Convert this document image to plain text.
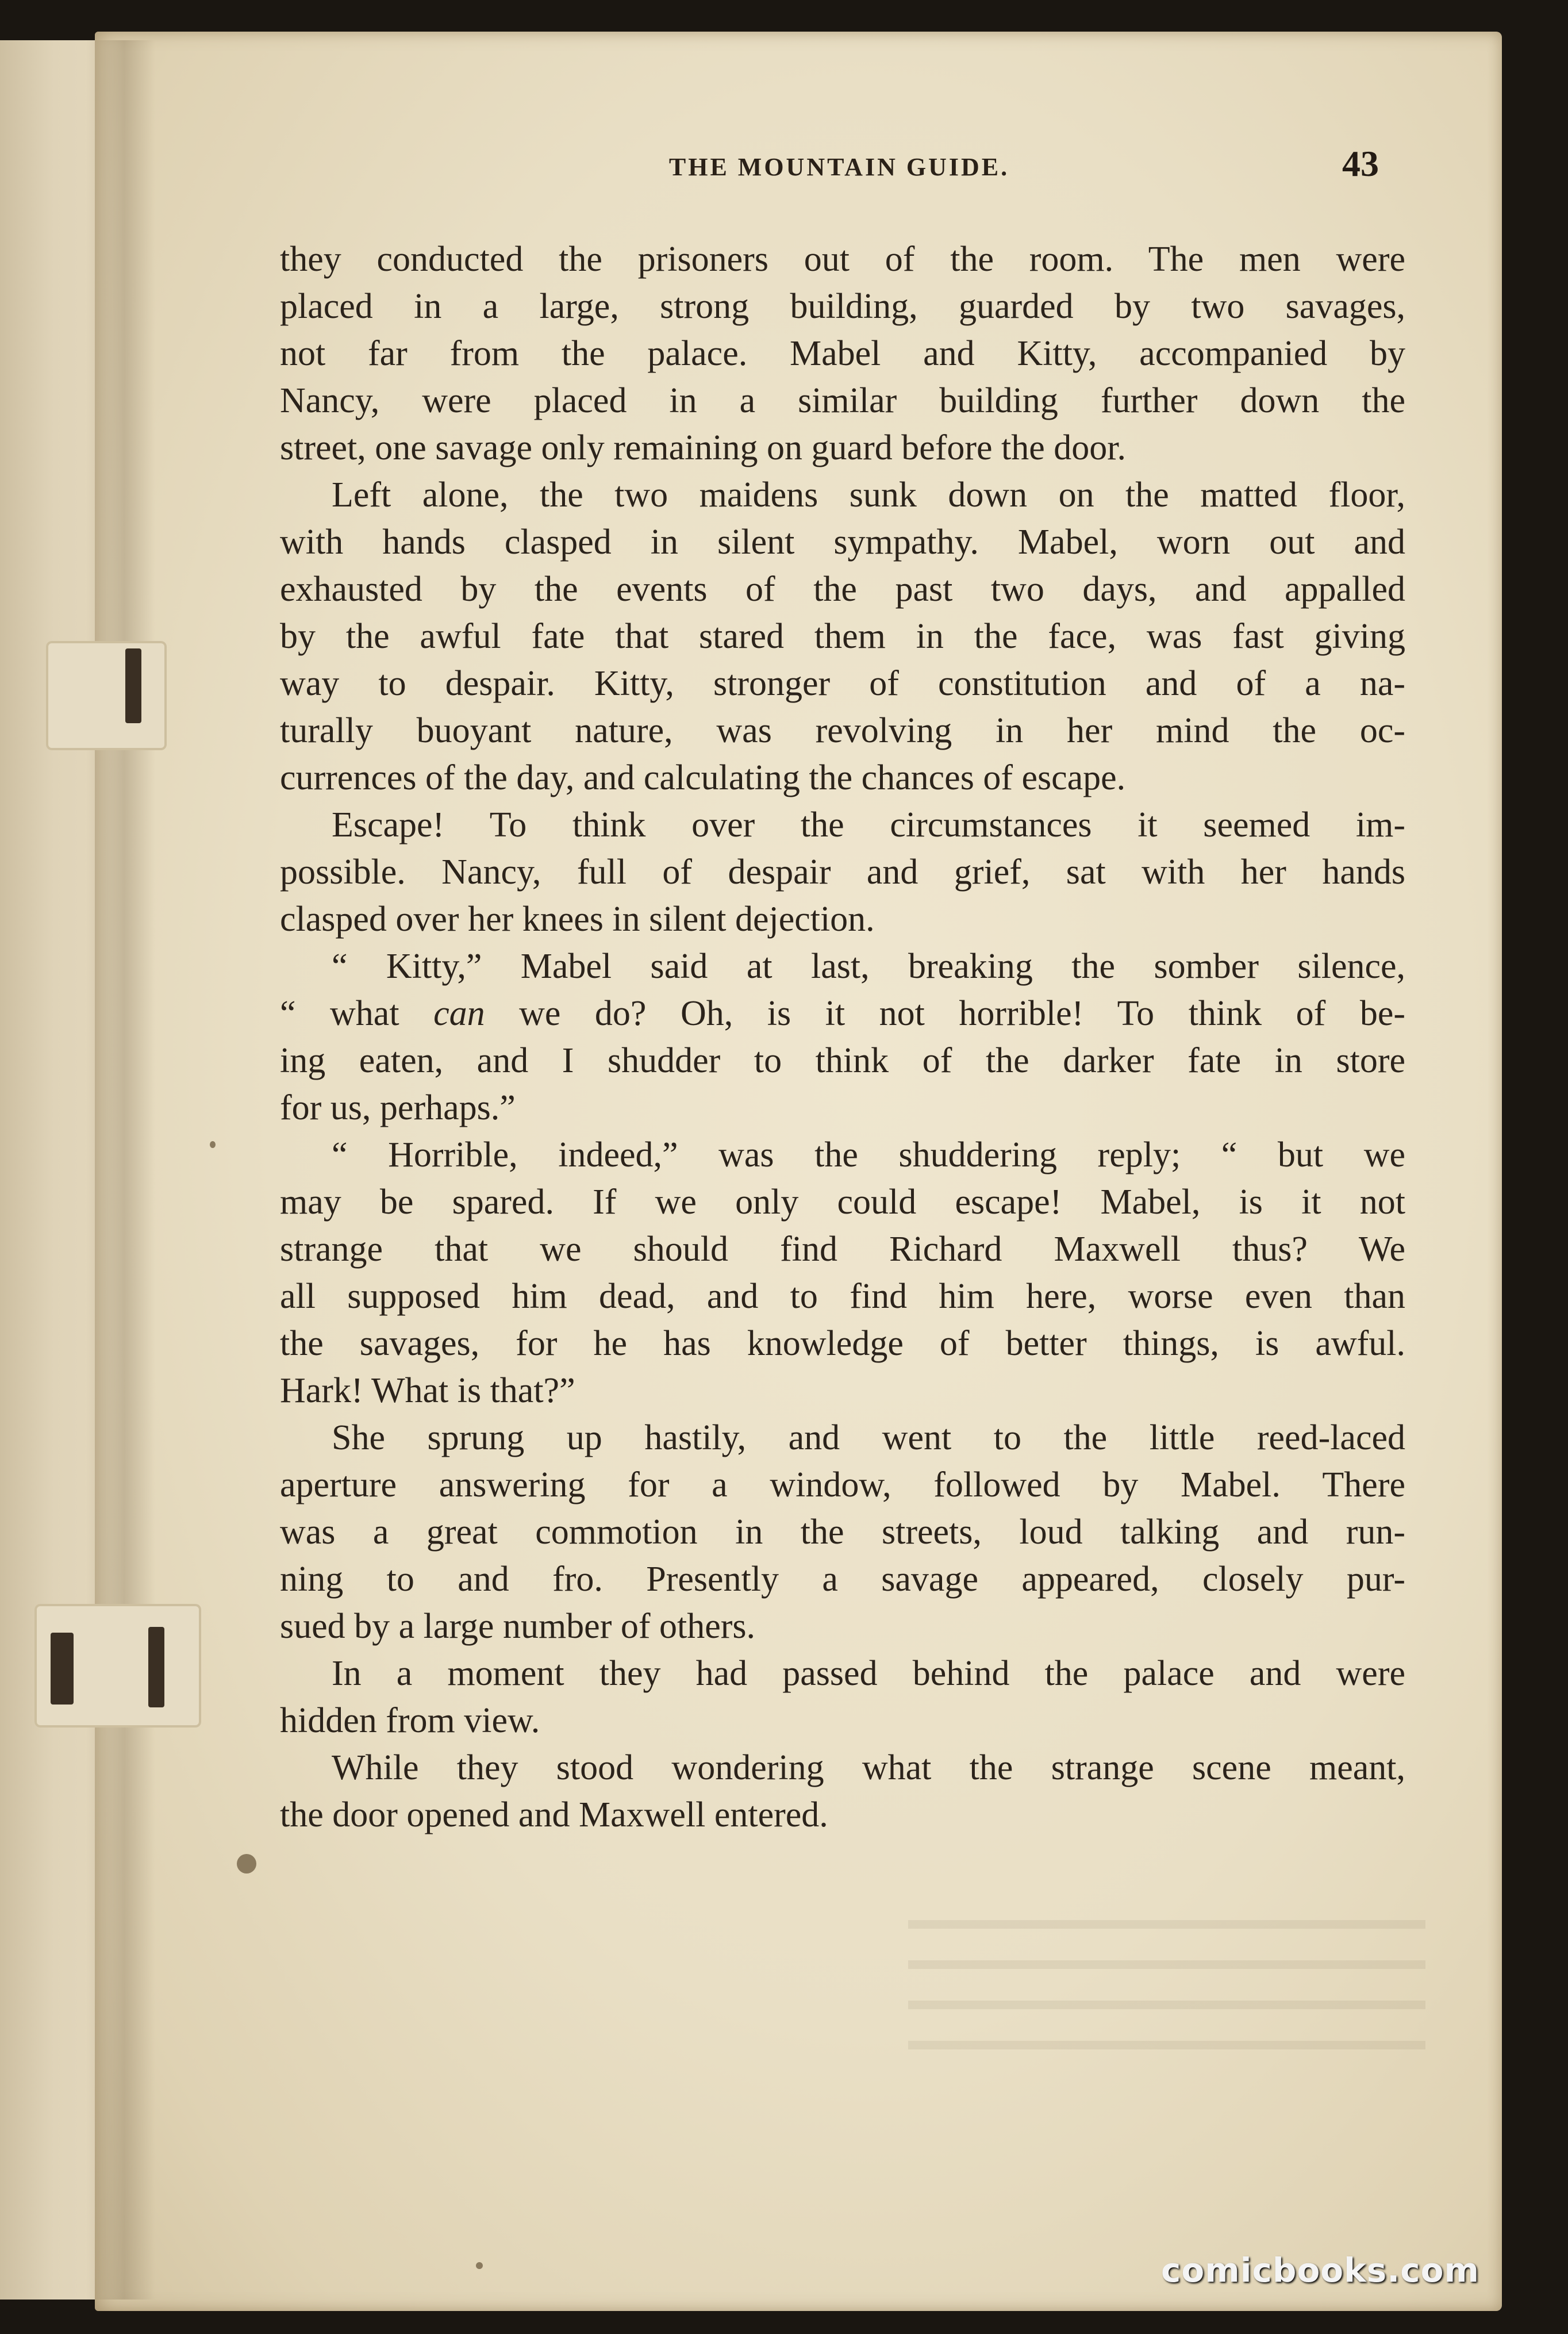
THE MOUNTAIN GUIDE.	43
they conducted the prisoners out of the room. The men were
placed in a large, strong building, guarded by two savages,
not far from the palace. Mabel and Kitty, accompanied by
Nancy, were placed in a similar building further down the
street, one savage only remaining on guard before the door.
Left alone, the two maidens sunk down on the matted floor,
with hands clasped in silent sympathy. Mabel, worn out and
exhausted by the events of the past two days, and appalled
by the awful fate that stared them in the face, was fast giving
way to despair. Kitty, stronger of constitution and of a na-
turally buoyant nature, was revolving in her mind the oc-
currences of the day, and calculating the chances of escape.
Escape! To think over the circumstances it seemed im-
possible. Nancy, full of despair and grief, sat with her hands
clasped over her knees in silent dejection.
“ Kitty,” Mabel said at last, breaking the somber silence,
“ what can we do? Oh, is it not horrible! To think of be-
ing eaten, and I shudder to think of the darker fate in store
for us, perhaps.”
“ Horrible, indeed,” was the shuddering reply; “ but we
may be spared. If we only could escape! Mabel, is it not
strange that we should find Richard Maxwell thus? We
all supposed him dead, and to find him here, worse even than
the savages, for he has knowledge of better things, is awful.
Hark! What is that?”
She sprung up hastily, and went to the little reed-laced
aperture answering for a window, followed by Mabel. There
was a great commotion in the streets, loud talking and run-
ning to and fro. Presently a savage appeared, closely pur-
sued by a large number of others.
In a moment they had passed behind the palace and were
hidden from view.
While they stood wondering what the strange scene meant,
the door opened and Maxwell entered.
comicbooks.com
